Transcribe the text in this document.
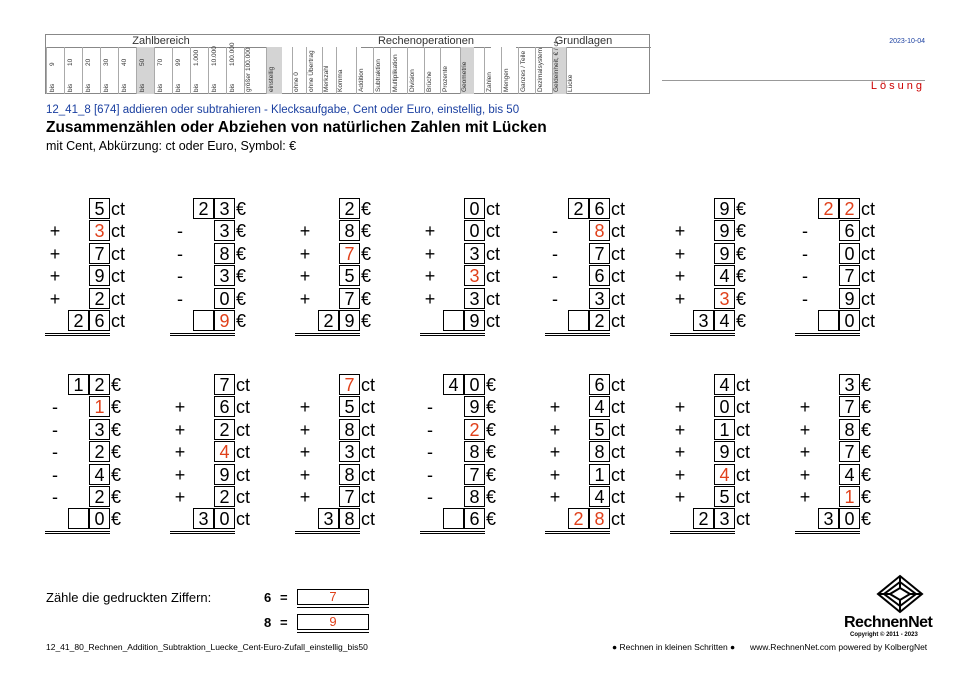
Zahlbereich	Rechenoperationen	Grundlagen
9
bis
10
bis
20
bis
30
bis
40
bis
50
bis
70
bis
99
bis
1.000
bis
10.000
bis
100.000
bis größer 100.000 einstellig	ohne 0 ohne Übertrag Merkzahl Komma Addition Subtraktion Multiplikation Division Brüche Prozente Geometrie	Zahlen Mengen Ganzes / Teile Dezimalsystem Geldeinheit, € / ct Lücke
2023-10-04
Lösung
12_41_8 [674] addieren oder subtrahieren - Klecksaufgabe, Cent oder Euro, einstellig, bis 50
Zusammenzählen oder Abziehen von natürlichen Zahlen mit Lücken
mit Cent, Abkürzung: ct oder Euro, Symbol: €
5 ct
+	3 ct
+	7 ct
+	9 ct
+	2 ct
2 6 ct
2 3 €
-	3 €
-	8 €
-	3 €
-	0 €
9 €
2 €
+	8 €
+	7 €
+	5 €
+	7 €
2 9 €
0 ct
+	0 ct
+	3 ct
+	3 ct
+	3 ct
9 ct
2 6 ct
-	8 ct
-	7 ct
-	6 ct
-	3 ct
2 ct
9 €
+	9 €
+	9 €
+	4 €
+	3 €
3 4 €
2 2 ct
-	6 ct
-	0 ct
-	7 ct
-	9 ct
0 ct
1 2 €
-	1 €
-	3 €
-	2 €
-	4 €
-	2 €
0 €
7 ct
+	6 ct
+	2 ct
+	4 ct
+	9 ct
+	2 ct
3 0 ct
7 ct
+	5 ct
+	8 ct
+	3 ct
+	8 ct
+	7 ct
3 8 ct
4 0 €
-	9 €
-	2 €
-	8 €
-	7 €
-	8 €
6 €
6 ct
+	4 ct
+	5 ct
+	8 ct
+	1 ct
+	4 ct
2 8 ct
4 ct
+	0 ct
+	1 ct
+	9 ct
+	4 ct
+	5 ct
2 3 ct
3 €
+	7 €
+	8 €
+	7 €
+	4 €
+	1 €
3 0 €
Zähle die gedruckten Ziffern:	6 =	7
8 =	9
12_41_80_Rechnen_Addition_Subtraktion_Luecke_Cent-Euro-Zufall_einstellig_bis50	● Rechnen in kleinen Schritten ● www.RechnenNet.com powered by KolbergNet
RechnenNet
Copyright © 2011 - 2023
